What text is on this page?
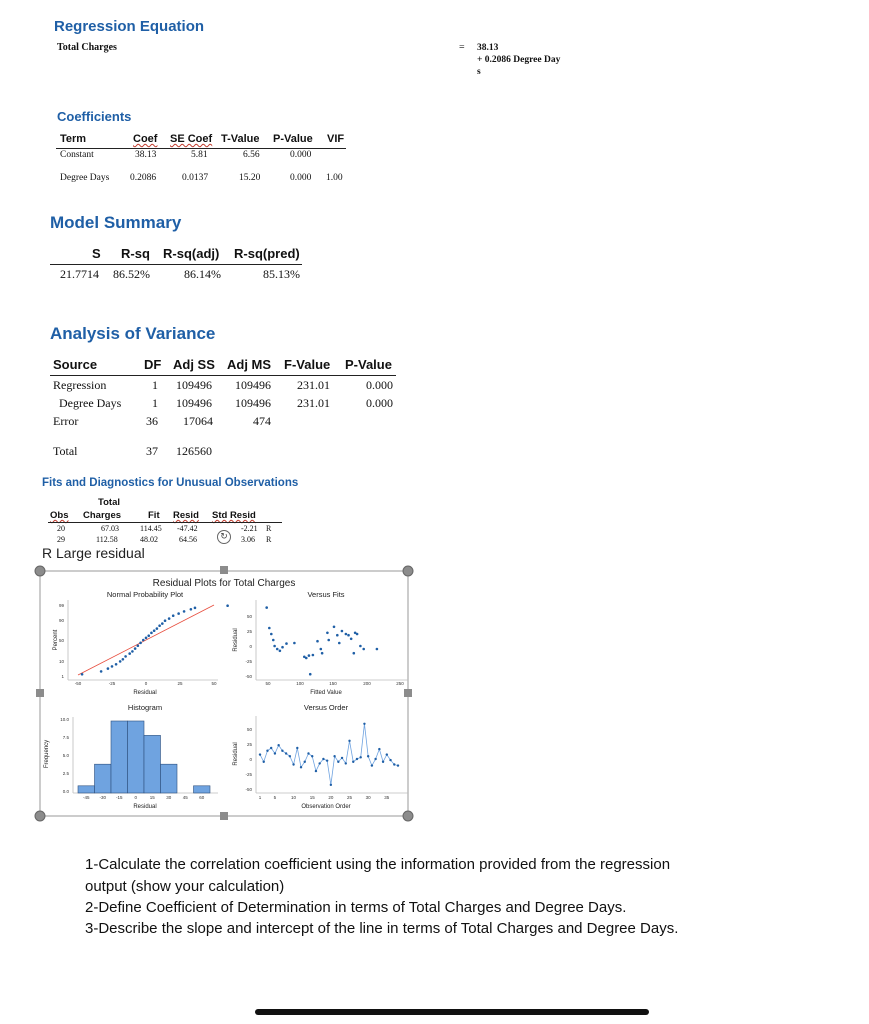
Regression Equation
Total Charges	= 38.13
+ 0.2086 Degree Day
s
Coefficients
Term	Coef SE Coef T-Value P-Value VIF
Constant	38.13	5.81	6.56	0.000
Degree Days 0.2086	0.0137	15.20	0.000 1.00
Model Summary
S R-sq R-sq(adj) R-sq(pred)
21.7714 86.52%	86.14%	85.13%
Analysis of Variance
Source	DF Adj SS Adj MS F-Value P-Value
Regression	1 109496 109496 231.01	0.000
Degree Days	1 109496 109496 231.01	0.000
Error	36 17064	474
Total	37 126560
Fits and Diagnostics for Unusual Observations
Total
Obs Charges	Fit Resid Std Resid
20	67.03	114.45 -47.42	-2.21 R
29	112.58	48.02	64.56	3.06 R
↻
R Large residual
Residual Plots for Total Charges
Normal Probability Plot
-50	-25	0	25	50
1
10
50
90
99
Residual
Percent
Versus Fits
50	100	150	200	250
50
25
0
-25
-50
Fitted Value
Residual
Histogram
10.0
7.5
5.0
2.5
0.0
Residual
Frequency
-45 -30 -15	0	15	30	45	60
Versus Order
50
25
0
-25
-50
Observation Order
Residual
1	5	10	15	20	25	30	35
1-Calculate the correlation coefficient using the information provided from the regression
output (show your calculation)
2-Define Coefficient of Determination in terms of Total Charges and Degree Days.
3-Describe the slope and intercept of the line in terms of Total Charges and Degree Days.
